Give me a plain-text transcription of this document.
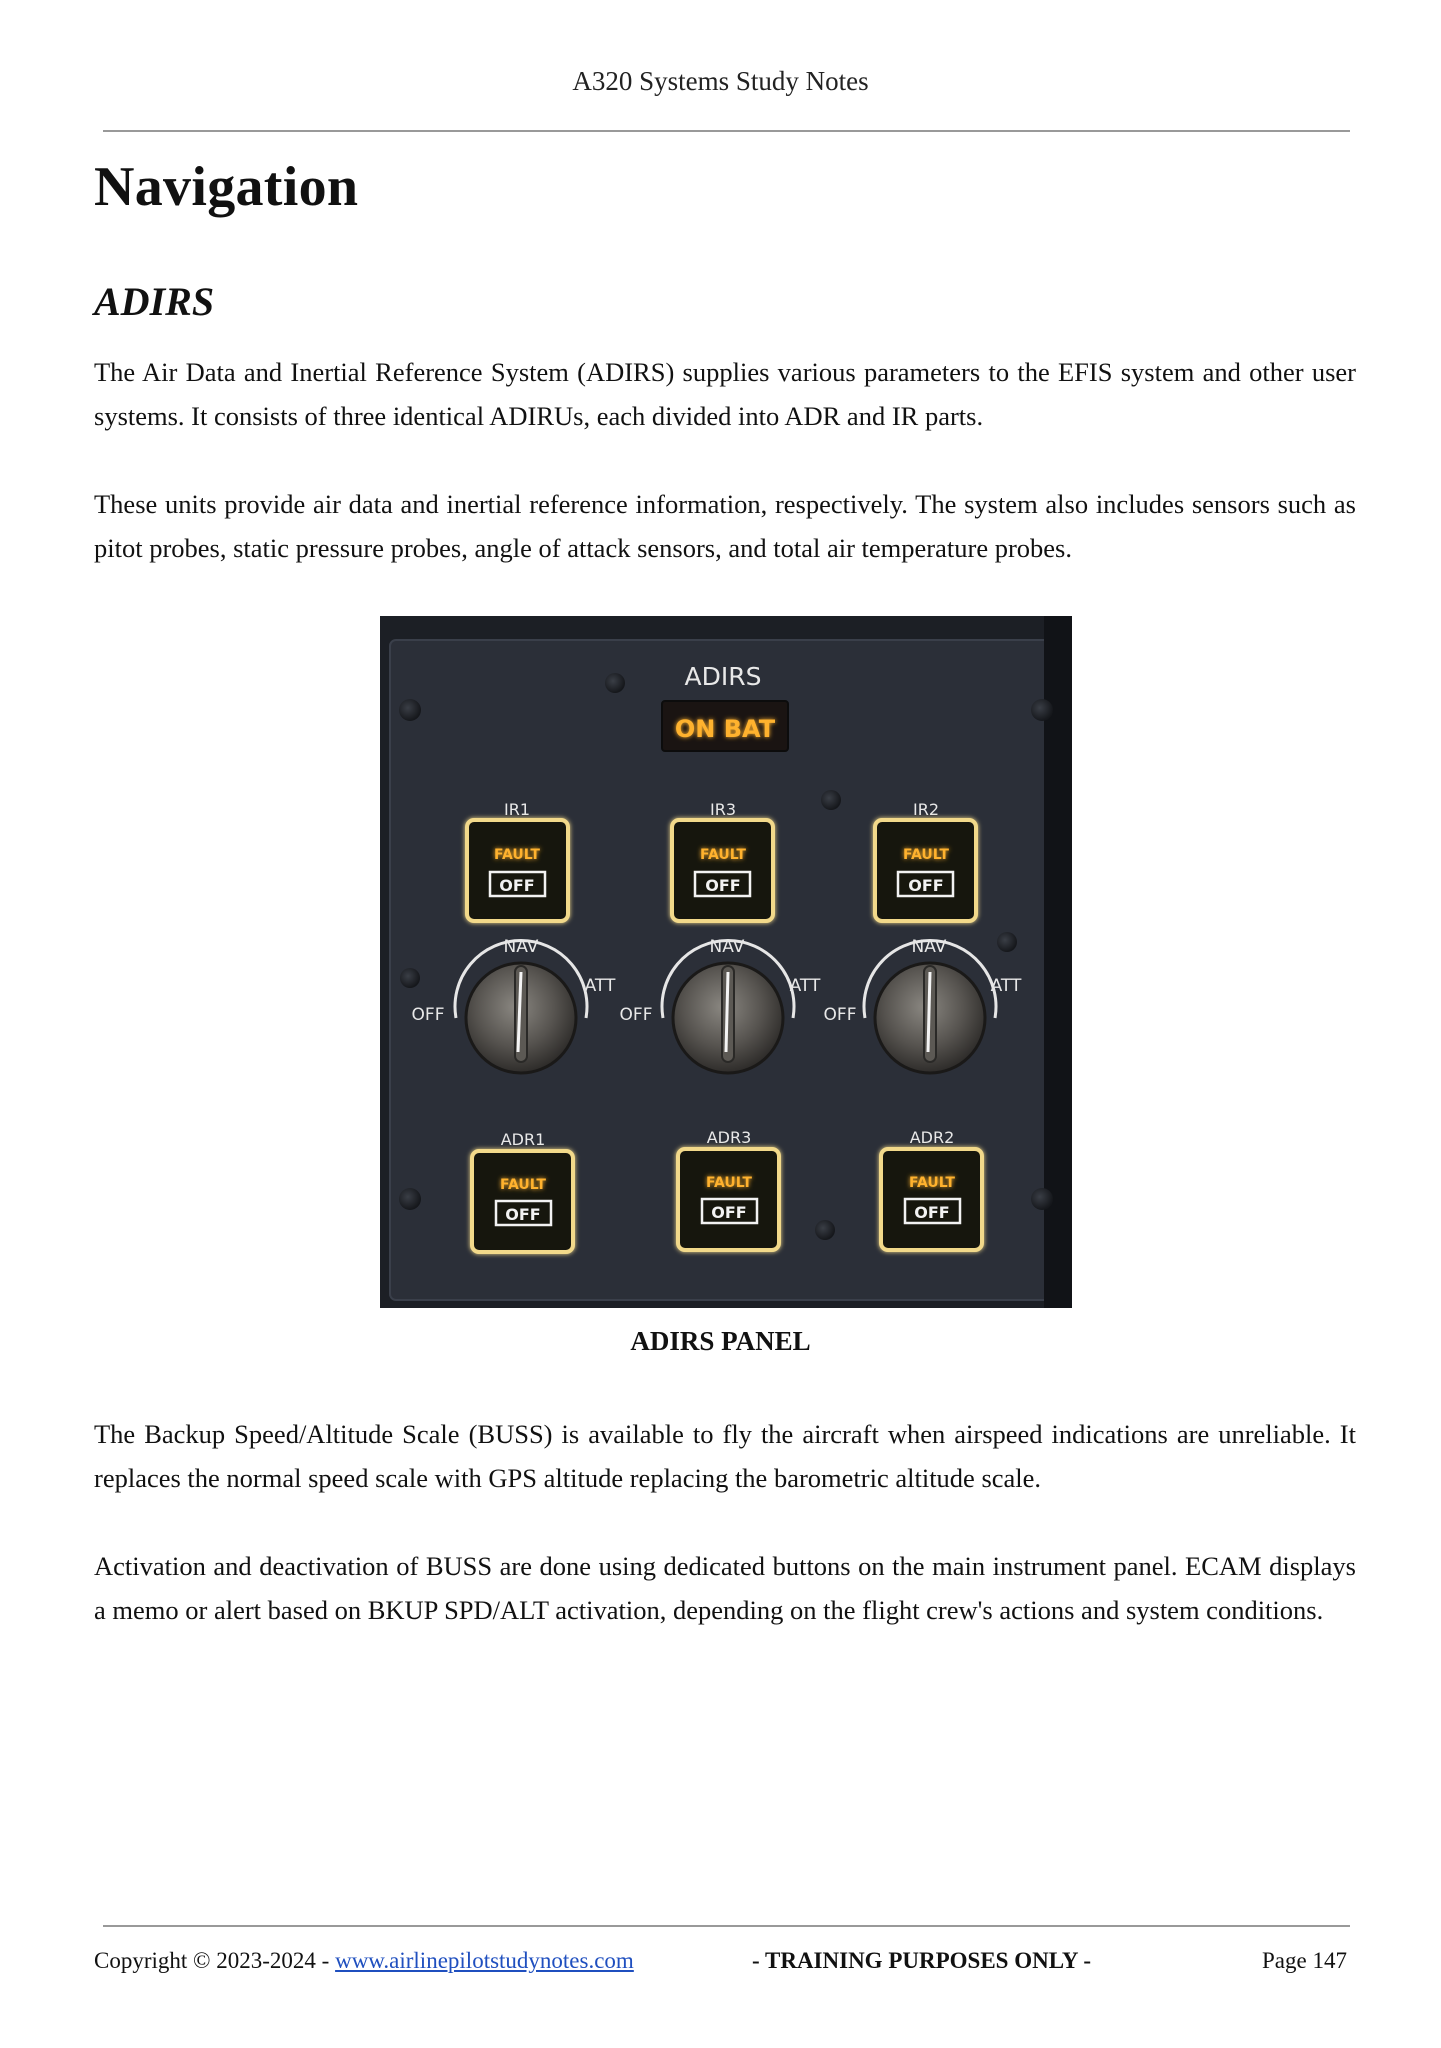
A320 Systems Study Notes
Navigation
ADIRS

The Air Data and Inertial Reference System (ADIRS) supplies various parameters to the EFIS system and other user systems. It consists of three identical ADIRUs, each divided into ADR and IR parts.

These units provide air data and inertial reference information, respectively. The system also includes sensors such as pitot probes, static pressure probes, angle of attack sensors, and total air temperature probes.

ADIRS
ON BAT
IR1
FAULT
OFF
IR3
FAULT
OFF
IR2
FAULT
OFF
ADR1
FAULT
OFF
ADR3
FAULT
OFF
ADR2
FAULT
OFF
NAV
ATT
OFF
NAV
ATT
OFF
NAV
ATT
OFF
ADIRS PANEL

The Backup Speed/Altitude Scale (BUSS) is available to fly the aircraft when airspeed indications are unreliable. It replaces the normal speed scale with GPS altitude replacing the barometric altitude scale.

Activation and deactivation of BUSS are done using dedicated buttons on the main instrument panel. ECAM displays a memo or alert based on BKUP SPD/ALT activation, depending on the flight crew's actions and system conditions.

Copyright © 2023-2024 - www.airlinepilotstudynotes.com	- TRAINING PURPOSES ONLY -	Page 147
